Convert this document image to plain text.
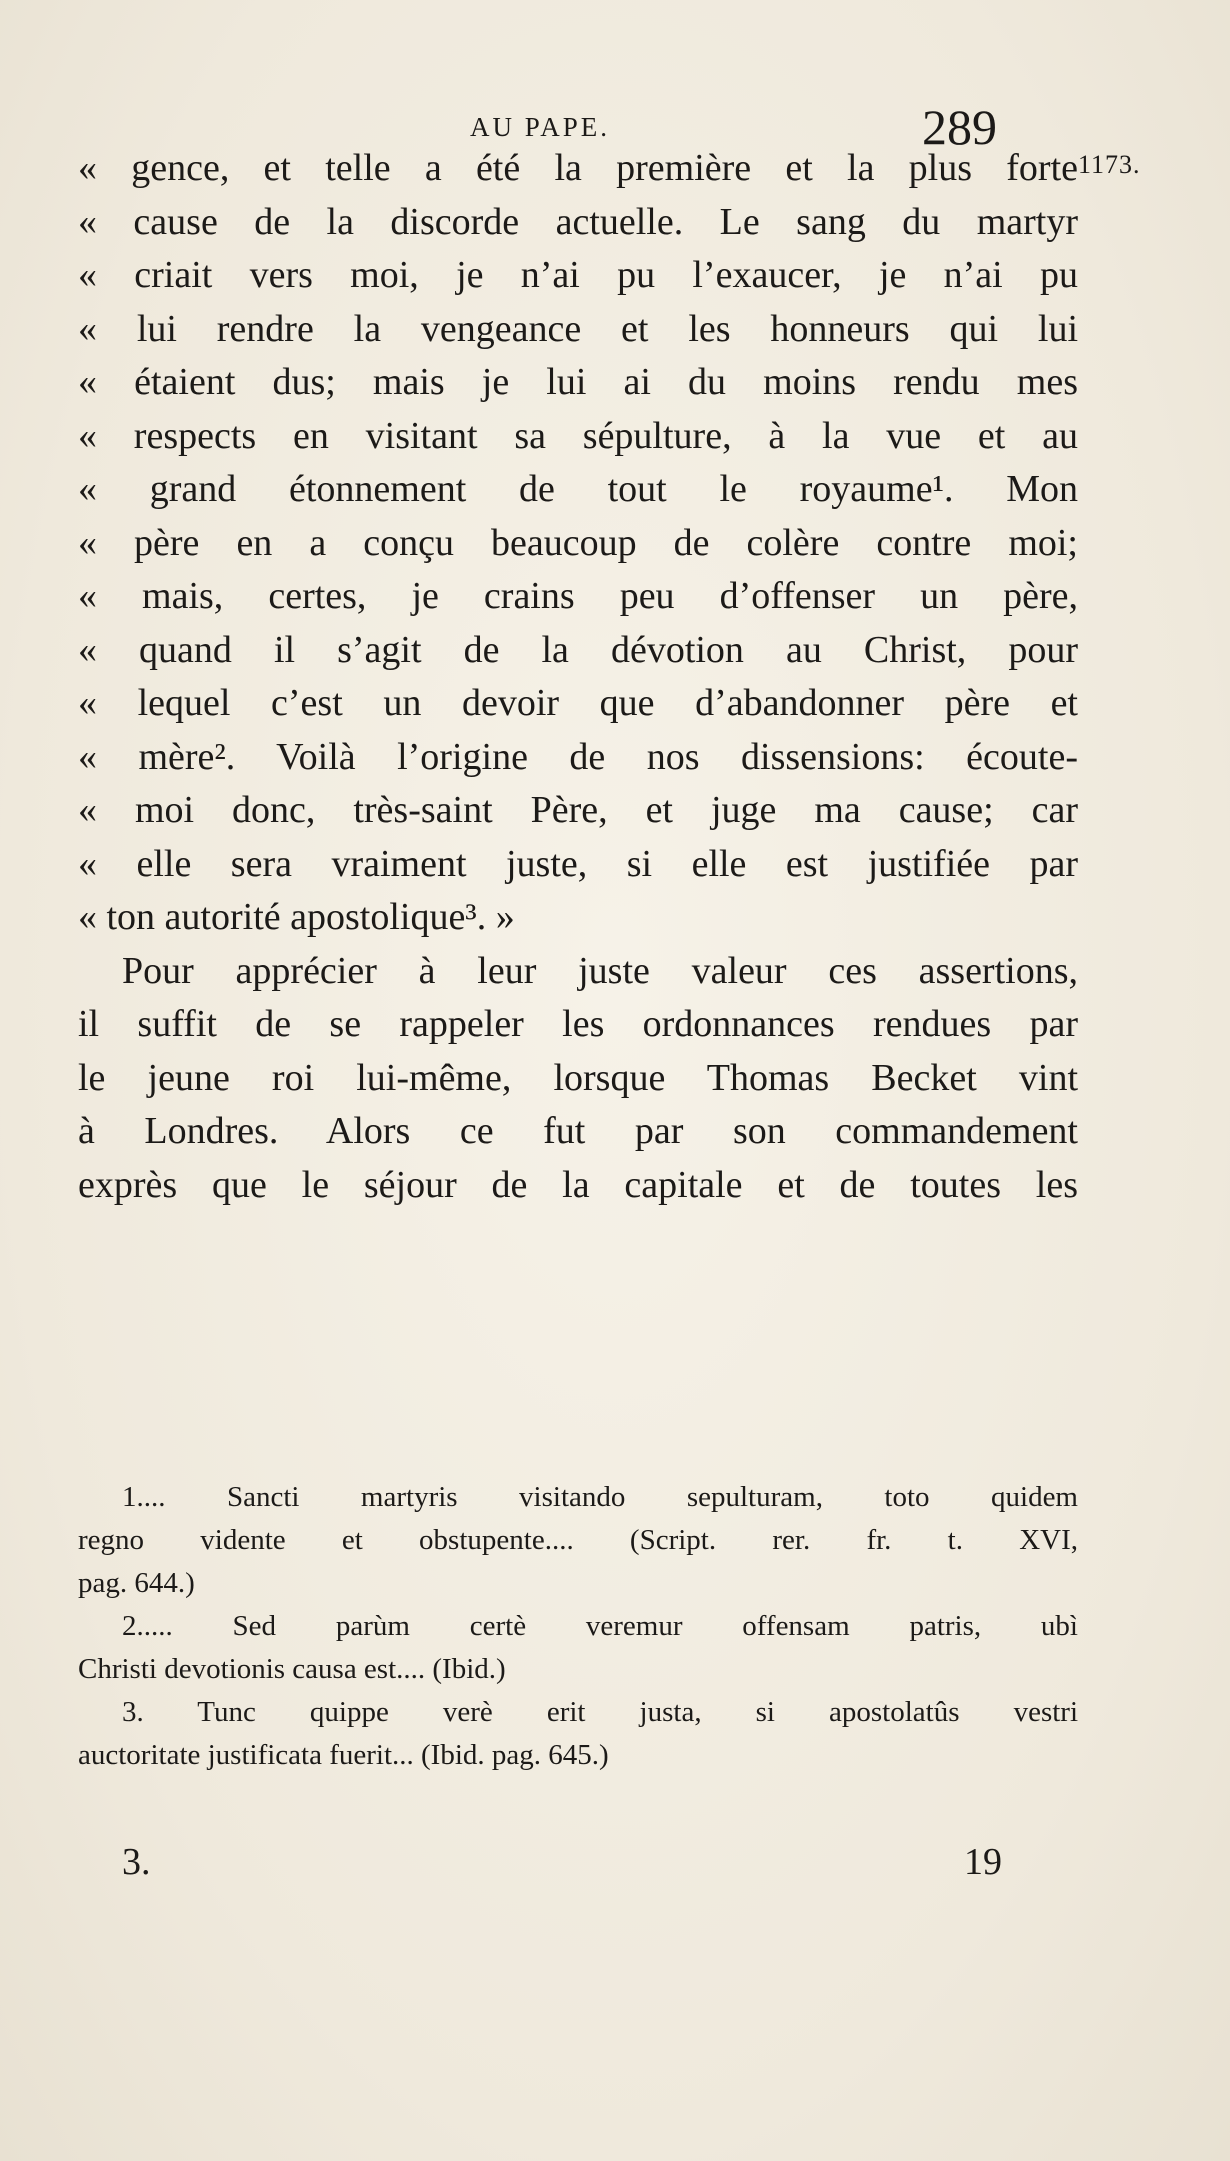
AU PAPE.	289
1173.
« gence, et telle a été la première et la plus forte
« cause de la discorde actuelle. Le sang du martyr
« criait vers moi, je n’ai pu l’exaucer, je n’ai pu
« lui rendre la vengeance et les honneurs qui lui
« étaient dus; mais je lui ai du moins rendu mes
« respects en visitant sa sépulture, à la vue et au
« grand étonnement de tout le royaume¹. Mon
« père en a conçu beaucoup de colère contre moi;
« mais, certes, je crains peu d’offenser un père,
« quand il s’agit de la dévotion au Christ, pour
« lequel c’est un devoir que d’abandonner père et
« mère². Voilà l’origine de nos dissensions: écoute-
« moi donc, très-saint Père, et juge ma cause; car
« elle sera vraiment juste, si elle est justifiée par
« ton autorité apostolique³. »
Pour apprécier à leur juste valeur ces assertions,
il suffit de se rappeler les ordonnances rendues par
le jeune roi lui-même, lorsque Thomas Becket vint
à Londres. Alors ce fut par son commandement
exprès que le séjour de la capitale et de toutes les
1.... Sancti martyris visitando sepulturam, toto quidem
regno vidente et obstupente.... (Script. rer. fr. t. XVI,
pag. 644.)
2..... Sed parùm certè veremur offensam patris, ubì
Christi devotionis causa est.... (Ibid.)
3. Tunc quippe verè erit justa, si apostolatûs vestri
auctoritate justificata fuerit... (Ibid. pag. 645.)
3.	19
